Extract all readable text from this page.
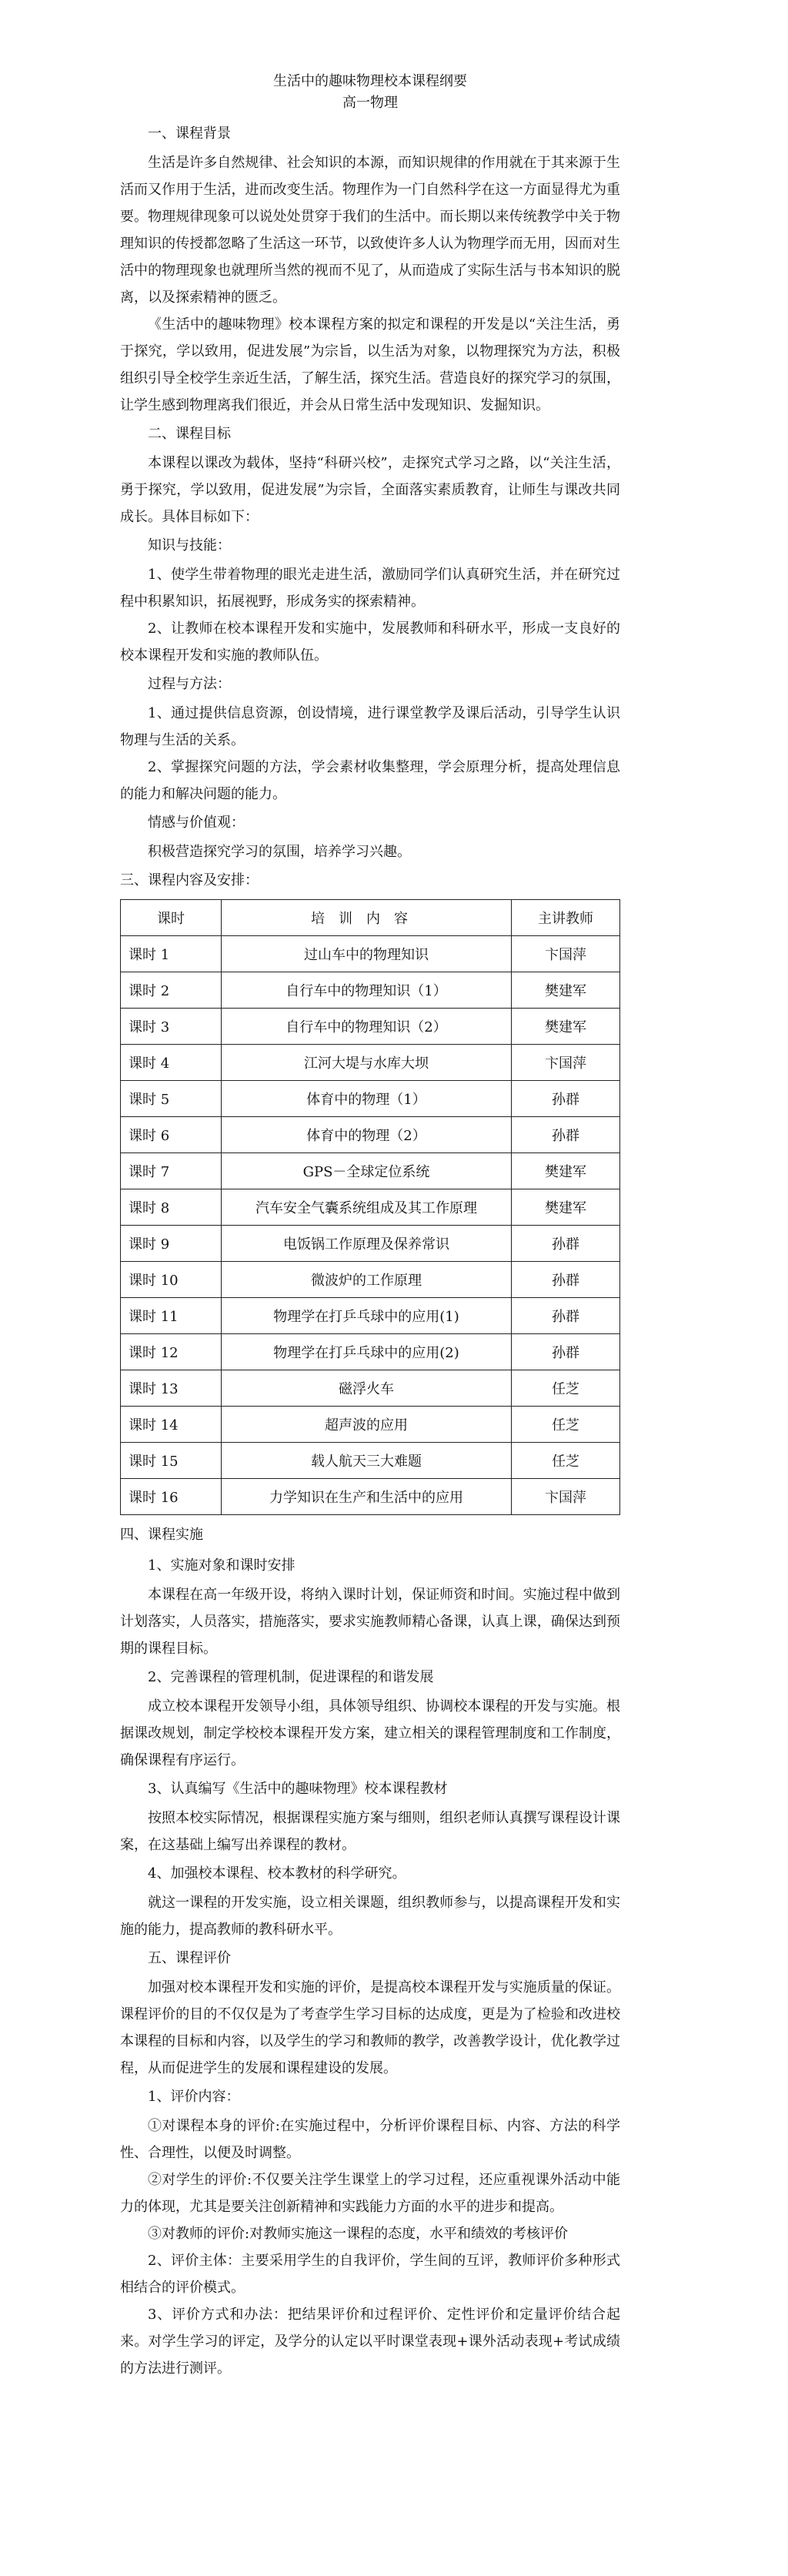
生活中的趣味物理校本课程纲要

高一物理

一、课程背景

生活是许多自然规律、社会知识的本源，而知识规律的作用就在于其来源于生活而又作用于生活，进而改变生活。物理作为一门自然科学在这一方面显得尤为重要。物理规律现象可以说处处贯穿于我们的生活中。而长期以来传统教学中关于物理知识的传授都忽略了生活这一环节，以致使许多人认为物理学而无用，因而对生活中的物理现象也就理所当然的视而不见了，从而造成了实际生活与书本知识的脱离，以及探索精神的匮乏。

《生活中的趣味物理》校本课程方案的拟定和课程的开发是以“关注生活，勇于探究，学以致用，促进发展”为宗旨，以生活为对象，以物理探究为方法，积极组织引导全校学生亲近生活，了解生活，探究生活。营造良好的探究学习的氛围，让学生感到物理离我们很近，并会从日常生活中发现知识、发掘知识。

二、课程目标

本课程以课改为载体，坚持“科研兴校”，走探究式学习之路，以“关注生活，勇于探究，学以致用，促进发展”为宗旨，全面落实素质教育，让师生与课改共同成长。具体目标如下：

知识与技能：

1、使学生带着物理的眼光走进生活，激励同学们认真研究生活，并在研究过程中积累知识，拓展视野，形成务实的探索精神。

2、让教师在校本课程开发和实施中，发展教师和科研水平，形成一支良好的校本课程开发和实施的教师队伍。

过程与方法：

1、通过提供信息资源，创设情境，进行课堂教学及课后活动，引导学生认识物理与生活的关系。

2、掌握探究问题的方法，学会素材收集整理，学会原理分析，提高处理信息的能力和解决问题的能力。

情感与价值观：

积极营造探究学习的氛围，培养学习兴趣。

三、课程内容及安排：

课时	培训内容	主讲教师
课时 1	过山车中的物理知识	卞国萍
课时 2	自行车中的物理知识（1）	樊建军
课时 3	自行车中的物理知识（2）	樊建军
课时 4	江河大堤与水库大坝	卞国萍
课时 5	体育中的物理（1）	孙群
课时 6	体育中的物理（2）	孙群
课时 7	GPS－全球定位系统	樊建军
课时 8	汽车安全气囊系统组成及其工作原理	樊建军
课时 9	电饭锅工作原理及保养常识	孙群
课时 10	微波炉的工作原理	孙群
课时 11	物理学在打乒乓球中的应用(1)	孙群
课时 12	物理学在打乒乓球中的应用(2)	孙群
课时 13	磁浮火车	任芝
课时 14	超声波的应用	任芝
课时 15	载人航天三大难题	任芝
课时 16	力学知识在生产和生活中的应用	卞国萍

四、课程实施

1、实施对象和课时安排

本课程在高一年级开设，将纳入课时计划，保证师资和时间。实施过程中做到计划落实，人员落实，措施落实，要求实施教师精心备课，认真上课，确保达到预期的课程目标。

2、完善课程的管理机制，促进课程的和谐发展

成立校本课程开发领导小组，具体领导组织、协调校本课程的开发与实施。根据课改规划，制定学校校本课程开发方案，建立相关的课程管理制度和工作制度，确保课程有序运行。

3、认真编写《生活中的趣味物理》校本课程教材

按照本校实际情况，根据课程实施方案与细则，组织老师认真撰写课程设计课案，在这基础上编写出养课程的教材。

4、加强校本课程、校本教材的科学研究。

就这一课程的开发实施，设立相关课题，组织教师参与，以提高课程开发和实施的能力，提高教师的教科研水平。

五、课程评价

加强对校本课程开发和实施的评价，是提高校本课程开发与实施质量的保证。课程评价的目的不仅仅是为了考查学生学习目标的达成度，更是为了检验和改进校本课程的目标和内容，以及学生的学习和教师的教学，改善教学设计，优化教学过程，从而促进学生的发展和课程建设的发展。

1、评价内容：

①对课程本身的评价:在实施过程中，分析评价课程目标、内容、方法的科学性、合理性，以便及时调整。

②对学生的评价:不仅要关注学生课堂上的学习过程，还应重视课外活动中能力的体现，尤其是要关注创新精神和实践能力方面的水平的进步和提高。

③对教师的评价:对教师实施这一课程的态度，水平和绩效的考核评价

2、评价主体：主要采用学生的自我评价，学生间的互评，教师评价多种形式相结合的评价模式。

3、评价方式和办法：把结果评价和过程评价、定性评价和定量评价结合起来。对学生学习的评定，及学分的认定以平时课堂表现+课外活动表现+考试成绩的方法进行测评。
